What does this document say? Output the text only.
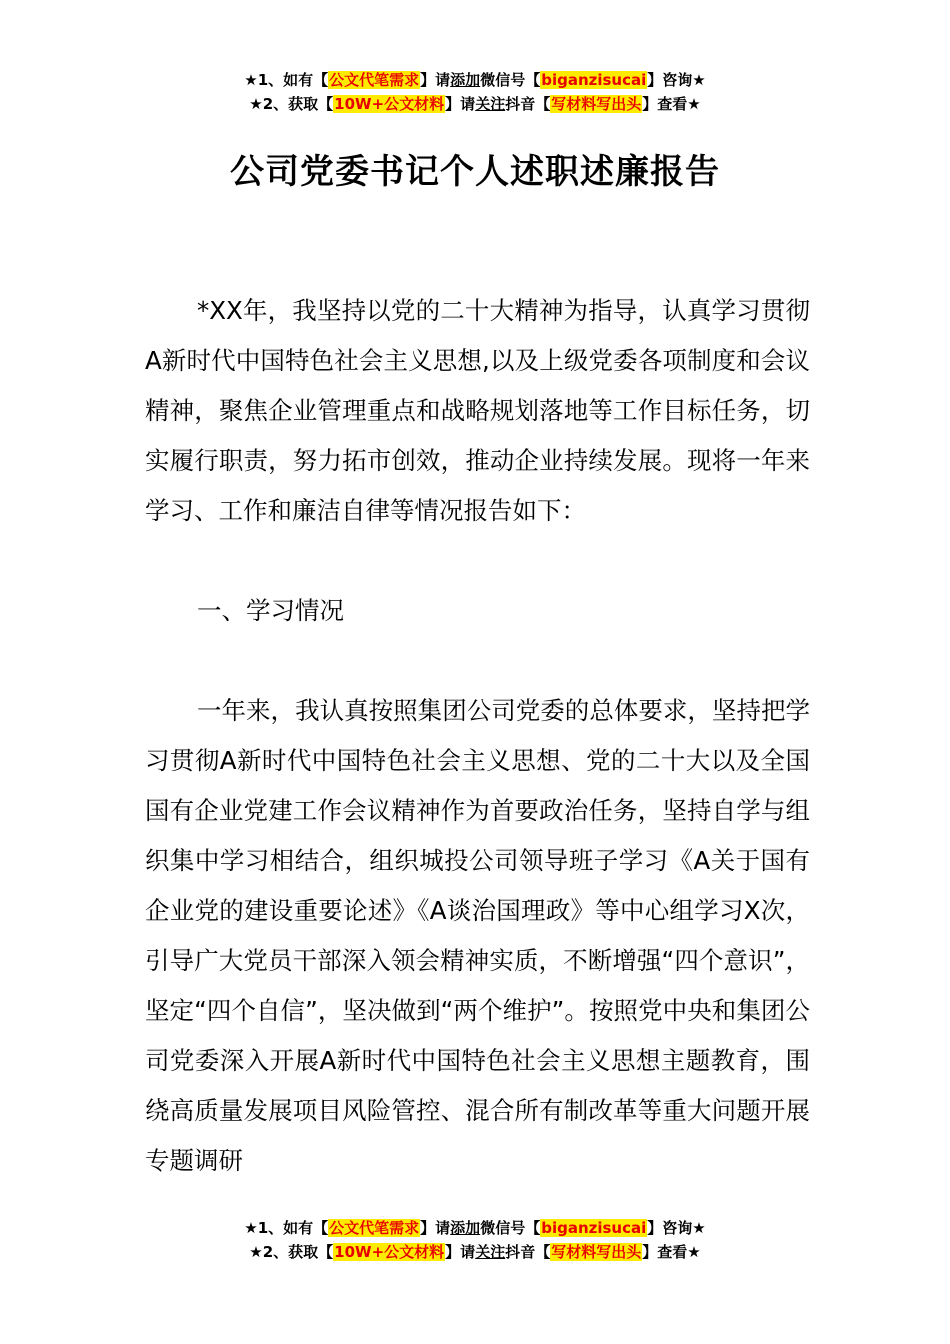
★1、如有【公文代笔需求】请添加微信号【biganzisucai】咨询★
★2、获取【10W+公文材料】请关注抖音【写材料写出头】查看★
公司党委书记个人述职述廉报告

*XX年，我坚持以党的二十大精神为指导，认真学习贯彻A新时代中国特色社会主义思想,以及上级党委各项制度和会议精神，聚焦企业管理重点和战略规划落地等工作目标任务，切实履行职责，努力拓市创效，推动企业持续发展。现将一年来学习、工作和廉洁自律等情况报告如下：

一、学习情况

一年来，我认真按照集团公司党委的总体要求，坚持把学习贯彻A新时代中国特色社会主义思想、党的二十大以及全国国有企业党建工作会议精神作为首要政治任务，坚持自学与组织集中学习相结合，组织城投公司领导班子学习《A关于国有企业党的建设重要论述》《A谈治国理政》等中心组学习X次，引导广大党员干部深入领会精神实质，不断增强“四个意识”，坚定“四个自信”，坚决做到“两个维护”。按照党中央和集团公司党委深入开展A新时代中国特色社会主义思想主题教育，围绕高质量发展项目风险管控、混合所有制改革等重大问题开展专题调研

★1、如有【公文代笔需求】请添加微信号【biganzisucai】咨询★
★2、获取【10W+公文材料】请关注抖音【写材料写出头】查看★
